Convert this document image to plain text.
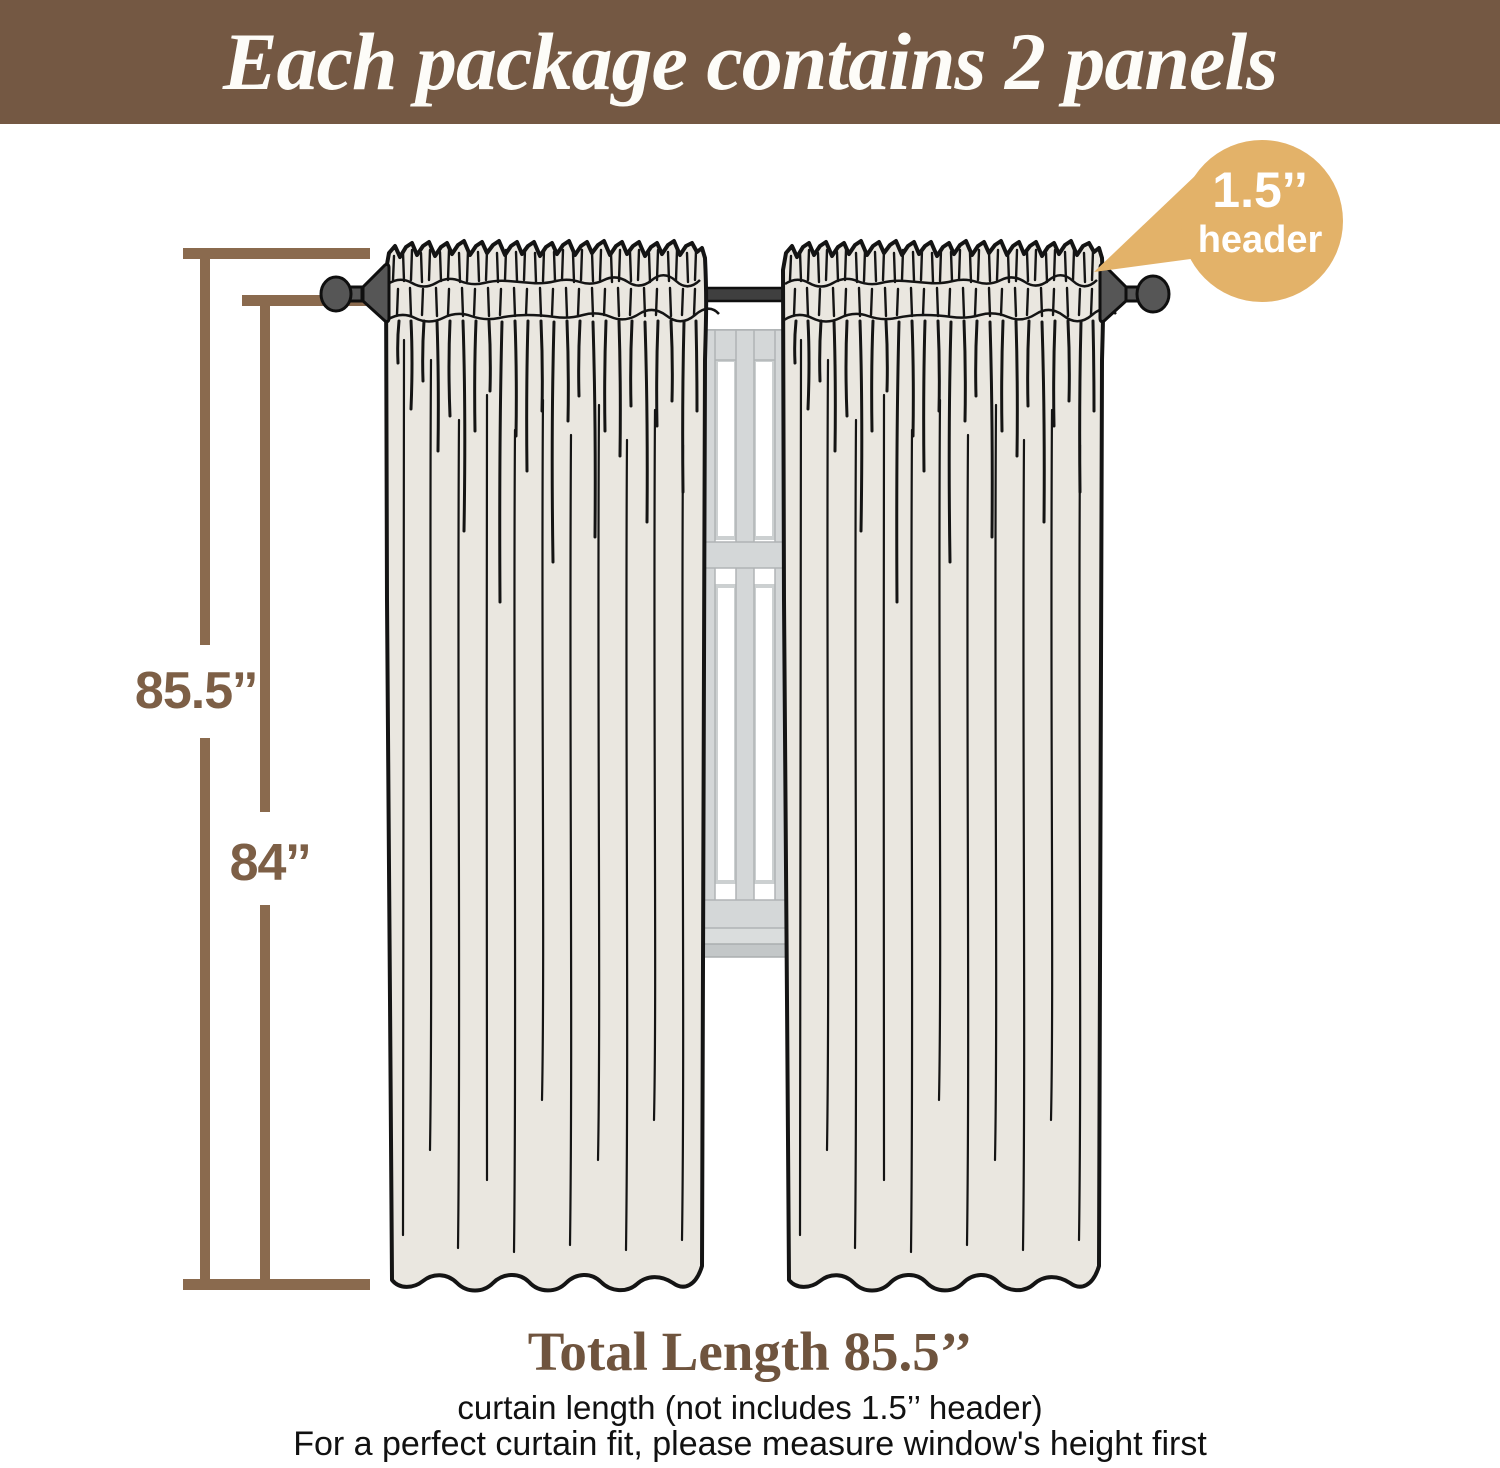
Each package contains 2 panels
85.5’’
84’’
1.5’’
header
Total Length 85.5’’
curtain length (not includes 1.5’’ header)
For a perfect curtain fit, please measure window's height first
